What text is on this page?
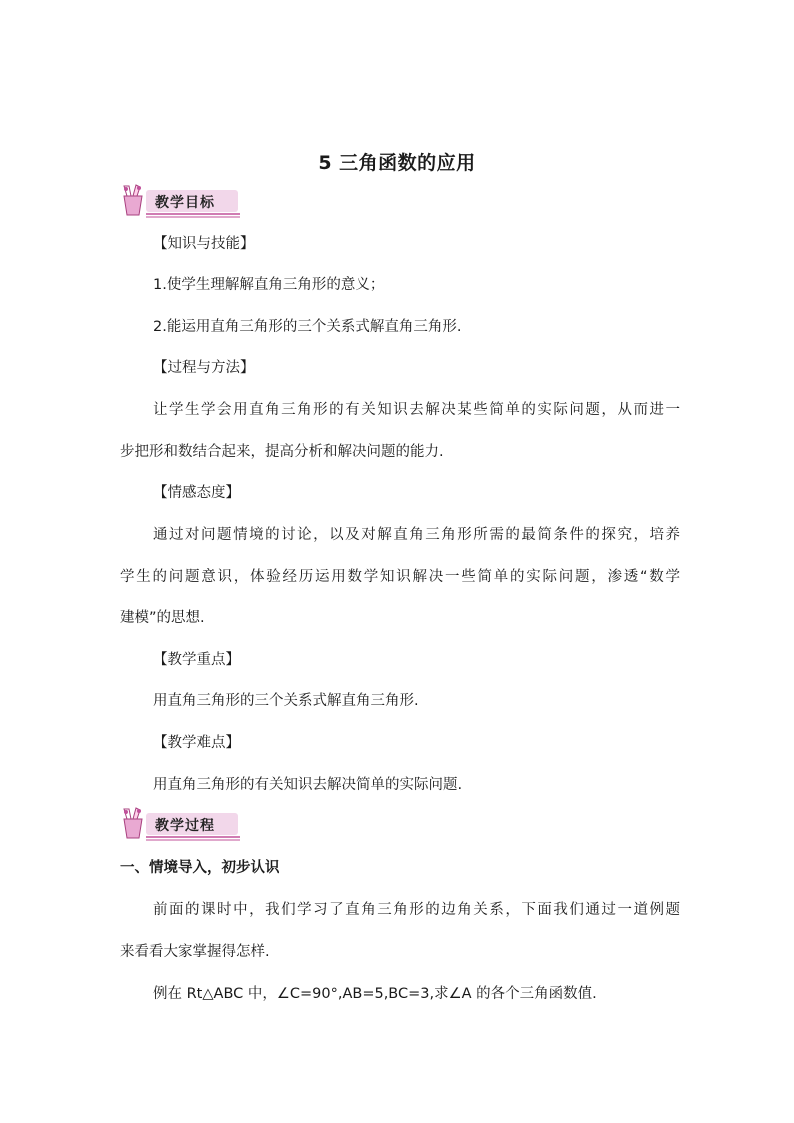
5 三角函数的应用
教学目标
【知识与技能】
1.使学生理解解直角三角形的意义；
2.能运用直角三角形的三个关系式解直角三角形.
【过程与方法】
让学生学会用直角三角形的有关知识去解决某些简单的实际问题，从而进一
步把形和数结合起来，提高分析和解决问题的能力.
【情感态度】
通过对问题情境的讨论，以及对解直角三角形所需的最简条件的探究，培养
学生的问题意识，体验经历运用数学知识解决一些简单的实际问题，渗透“数学
建模”的思想.
【教学重点】
用直角三角形的三个关系式解直角三角形.
【教学难点】
用直角三角形的有关知识去解决简单的实际问题.
教学过程
一、情境导入，初步认识
前面的课时中，我们学习了直角三角形的边角关系，下面我们通过一道例题
来看看大家掌握得怎样.
例在 Rt△ABC 中，∠C=90°,AB=5,BC=3,求∠A 的各个三角函数值.
